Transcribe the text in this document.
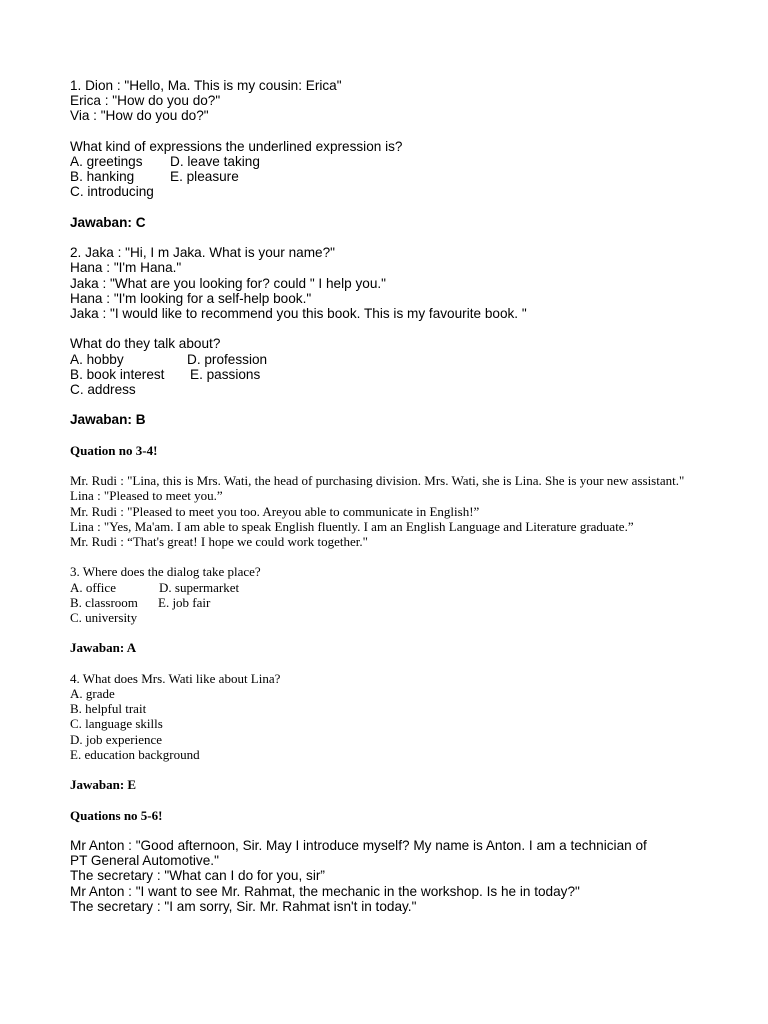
1. Dion : "Hello, Ma. This is my cousin: Erica"
Erica : "How do you do?"
Via : "How do you do?"
What kind of expressions the underlined expression is?
A. greetings	D. leave taking
B. hanking	E. pleasure
C. introducing
Jawaban: C
2. Jaka : "Hi, I m Jaka. What is your name?"
Hana : "I'm Hana."
Jaka : "What are you looking for? could " I help you."
Hana : "I'm looking for a self-help book."
Jaka : "I would like to recommend you this book. This is my favourite book. "
What do they talk about?
A. hobby	D. profession
B. book interest	E. passions
C. address
Jawaban: B
Quation no 3-4!
Mr. Rudi : "Lina, this is Mrs. Wati, the head of purchasing division. Mrs. Wati, she is Lina. She is your new assistant."
Lina : "Pleased to meet you.”
Mr. Rudi : "Pleased to meet you too. Areyou able to communicate in English!”
Lina : "Yes, Ma'am. I am able to speak English fluently. I am an English Language and Literature graduate.”
Mr. Rudi : “That's great! I hope we could work together."
3. Where does the dialog take place?
A. office	D. supermarket
B. classroom	E. job fair
C. university
Jawaban: A
4. What does Mrs. Wati like about Lina?
A. grade
B. helpful trait
C. language skills
D. job experience
E. education background
Jawaban: E
Quations no 5-6!
Mr Anton : "Good afternoon, Sir. May I introduce myself? My name is Anton. I am a technician of PT General Automotive."
The secretary : "What can I do for you, sir”
Mr Anton : "I want to see Mr. Rahmat, the mechanic in the workshop. Is he in today?"
The secretary : "I am sorry, Sir. Mr. Rahmat isn't in today."
